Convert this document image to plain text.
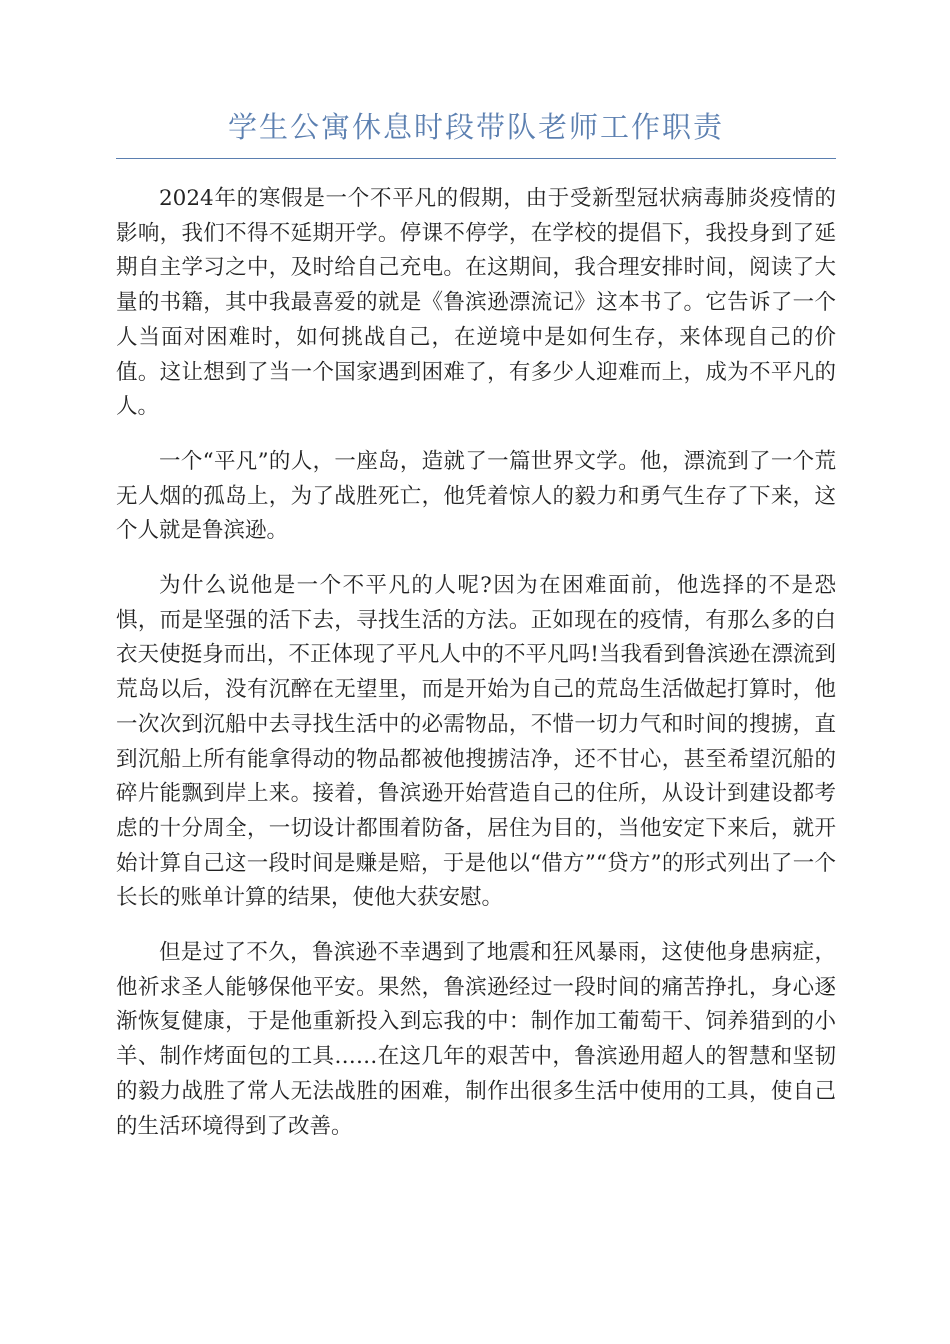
学生公寓休息时段带队老师工作职责

2024年的寒假是一个不平凡的假期，由于受新型冠状病毒肺炎疫情的影响，我们不得不延期开学。停课不停学，在学校的提倡下，我投身到了延期自主学习之中，及时给自己充电。在这期间，我合理安排时间，阅读了大量的书籍，其中我最喜爱的就是《鲁滨逊漂流记》这本书了。它告诉了一个人当面对困难时，如何挑战自己，在逆境中是如何生存，来体现自己的价值。这让想到了当一个国家遇到困难了，有多少人迎难而上，成为不平凡的人。

一个“平凡”的人，一座岛，造就了一篇世界文学。他，漂流到了一个荒无人烟的孤岛上，为了战胜死亡，他凭着惊人的毅力和勇气生存了下来，这个人就是鲁滨逊。

为什么说他是一个不平凡的人呢?因为在困难面前，他选择的不是恐惧，而是坚强的活下去，寻找生活的方法。正如现在的疫情，有那么多的白衣天使挺身而出，不正体现了平凡人中的不平凡吗!当我看到鲁滨逊在漂流到荒岛以后，没有沉醉在无望里，而是开始为自己的荒岛生活做起打算时，他一次次到沉船中去寻找生活中的必需物品，不惜一切力气和时间的搜掳，直到沉船上所有能拿得动的物品都被他搜掳洁净，还不甘心，甚至希望沉船的碎片能飘到岸上来。接着，鲁滨逊开始营造自己的住所，从设计到建设都考虑的十分周全，一切设计都围着防备，居住为目的，当他安定下来后，就开始计算自己这一段时间是赚是赔，于是他以“借方”“贷方”的形式列出了一个长长的账单计算的结果，使他大获安慰。

但是过了不久，鲁滨逊不幸遇到了地震和狂风暴雨，这使他身患病症，他祈求圣人能够保他平安。果然，鲁滨逊经过一段时间的痛苦挣扎，身心逐渐恢复健康，于是他重新投入到忘我的中：制作加工葡萄干、饲养猎到的小羊、制作烤面包的工具……在这几年的艰苦中，鲁滨逊用超人的智慧和坚韧的毅力战胜了常人无法战胜的困难，制作出很多生活中使用的工具，使自己的生活环境得到了改善。
